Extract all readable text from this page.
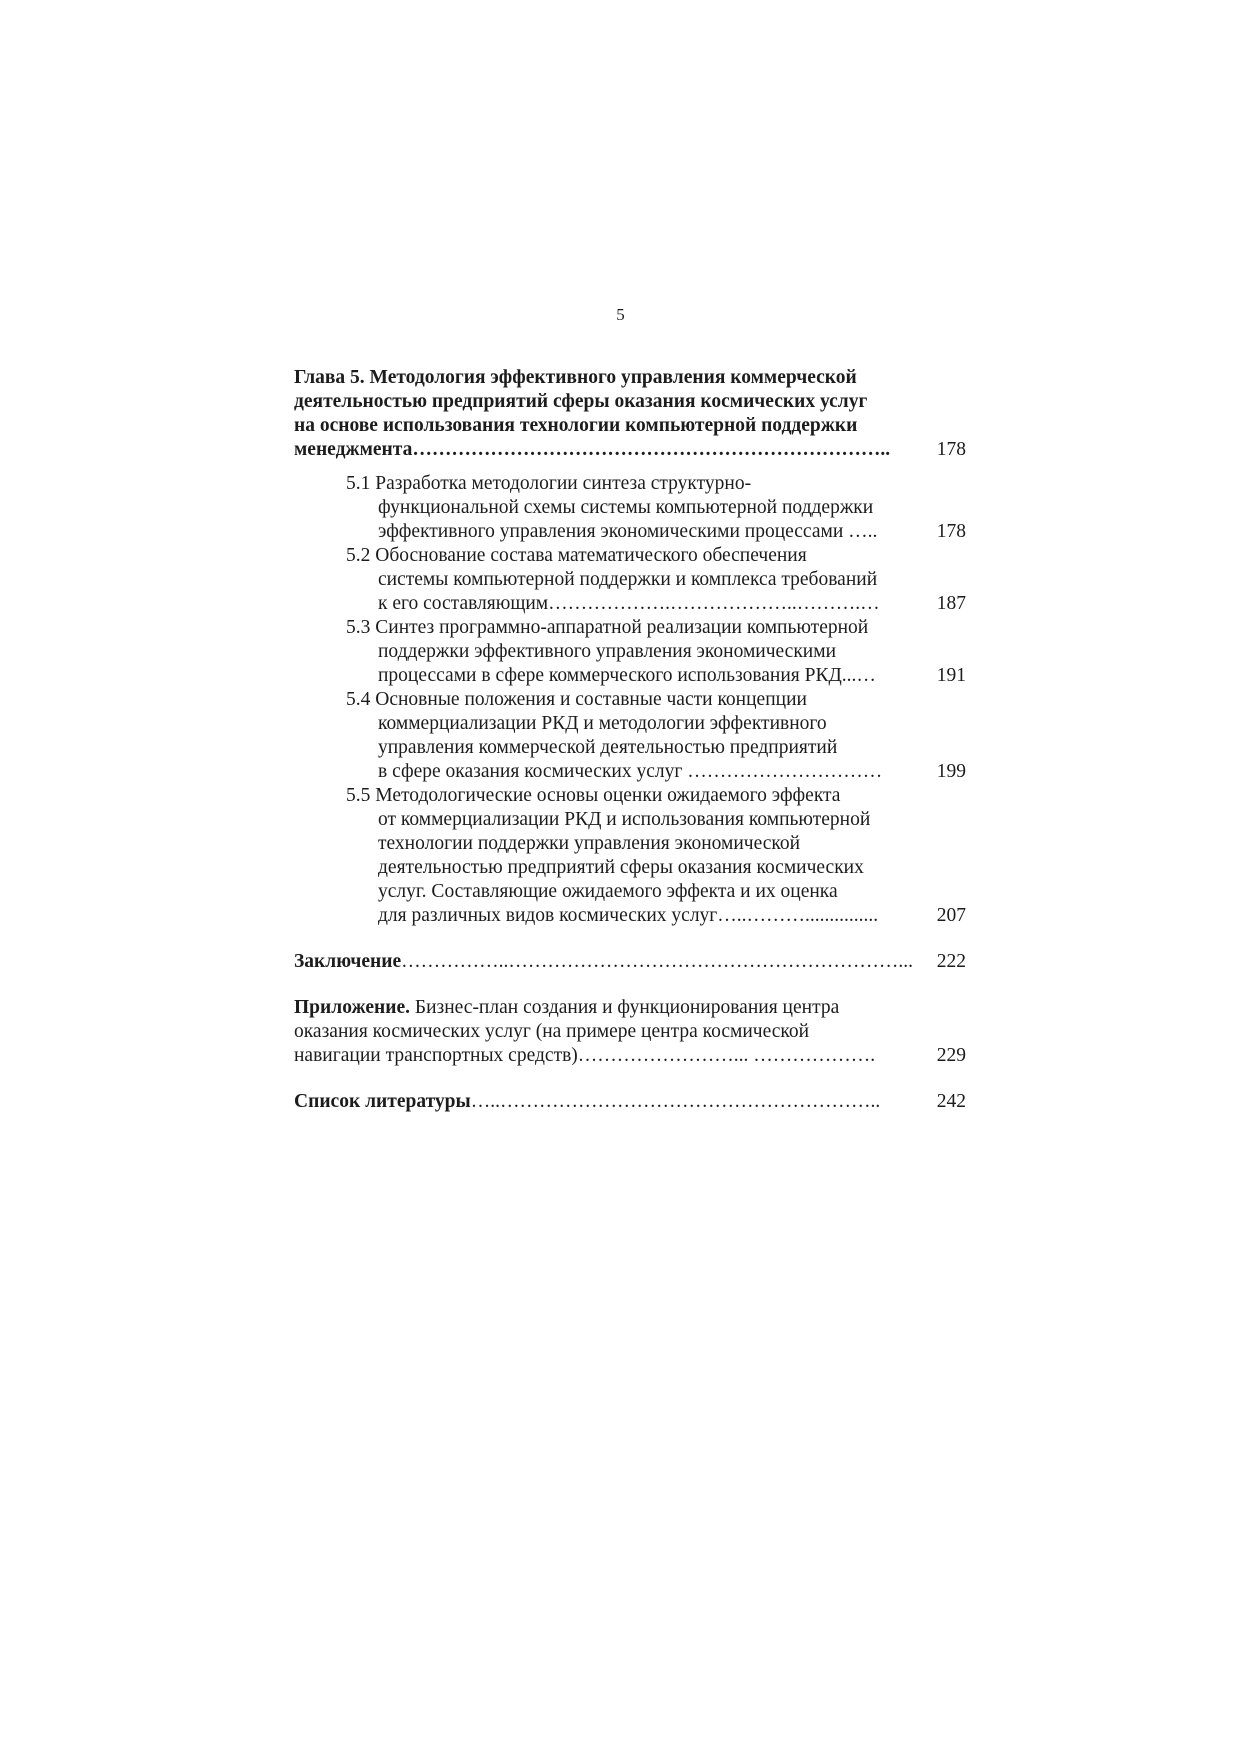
5
Глава 5. Методология эффективного управления коммерческой
деятельностью предприятий сферы оказания космических услуг
на основе использования технологии компьютерной поддержки
менеджмента………………………………………………………………..	178
5.1 Разработка методологии синтеза структурно-
функциональной схемы системы компьютерной поддержки
эффективного управления экономическими процессами …..	178
5.2 Обоснование состава математического обеспечения
системы компьютерной поддержки и комплекса требований
к его составляющим……………….………………..……….…	187
5.3 Синтез программно-аппаратной реализации компьютерной
поддержки эффективного управления экономическими
процессами в сфере коммерческого использования РКД...…	191
5.4 Основные положения и составные части концепции
коммерциализации РКД и методологии эффективного
управления коммерческой деятельностью предприятий
в сфере оказания космических услуг …………………………	199
5.5 Методологические основы оценки ожидаемого эффекта
от коммерциализации РКД и использования компьютерной
технологии поддержки управления экономической
деятельностью предприятий сферы оказания космических
услуг. Составляющие ожидаемого эффекта и их оценка
для различных видов космических услуг…..………...............	207
Заключение……………..……………………………………………………...	222
Приложение. Бизнес-план создания и функционирования центра
оказания космических услуг (на примере центра космической
навигации транспортных средств)……………………... ……………….	229
Список литературы…..…………………………………………………..	242
